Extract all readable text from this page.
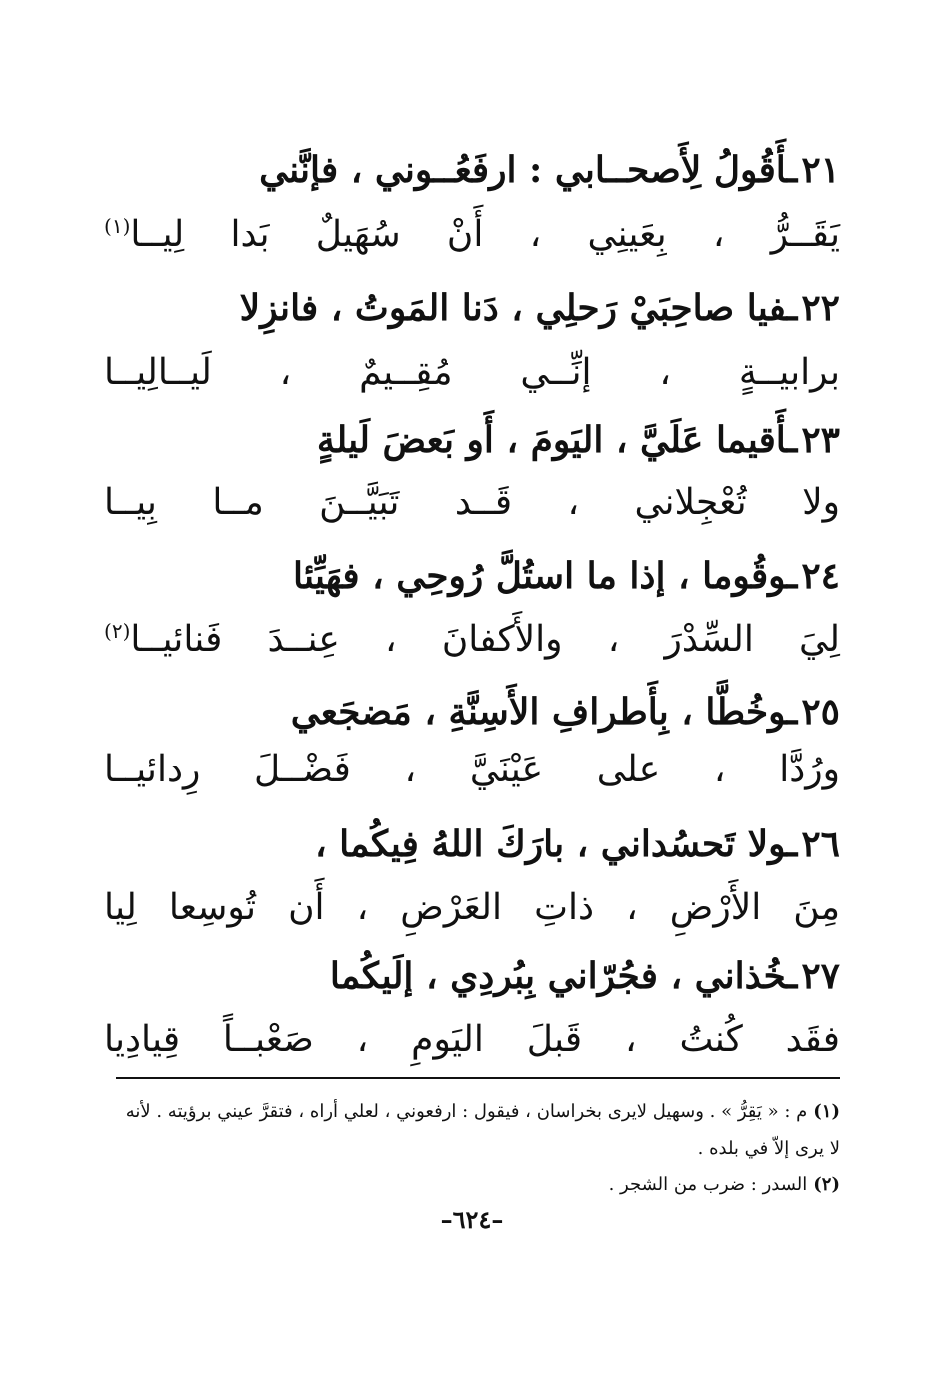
٢١ـأَقُولُ لِأَصحــابي : ارفَعُــوني ، فإنَّني
يَقَــرُّ ، بِعَينِي ، أَنْ سُهَيلٌ بَدا لِيــا$^{(١)}$
٢٢ـفيا صاحِبَيْ رَحلِي ، دَنا المَوتُ ، فانزِلا
برابيــةٍ ، إنِّــي مُقِــيمٌ ، لَيــالِيــا
٢٣ـأَقيما عَلَيَّ ، اليَومَ ، أَو بَعضَ لَيلةٍ
ولا تُعْجِلاني ، قَــد تَبَيَّــنَ مــا بِيــا
٢٤ـوقُوما ، إذا ما استُلَّ رُوحِي ، فهَيِّئا
لِيَ السِّدْرَ ، والأَكفانَ ، عِنــدَ فَنائيــا$^{(٢)}$
٢٥ـوخُطَّا ، بِأَطرافِ الأَسِنَّةِ ، مَضجَعي
ورُدَّا ، على عَيْنَيَّ ، فَضْــلَ رِدائيــا
٢٦ـولا تَحسُداني ، بارَكَ اللهُ فِيكُما ،
مِنَ الأَرْضِ ، ذاتِ العَرْضِ ، أَن تُوسِعا لِيا
٢٧ـخُذاني ، فجُرّاني بِبُردِي ، إلَيكُما
فقَد كُنتُ ، قَبلَ اليَومِ ، صَعْبــاً قِيادِيا
(١)م : « يَقِرُّ » . وسهيل لايرى بخراسان ، فيقول : ارفعوني ، لعلي أراه ، فتقرَّ عيني برؤيته . لأنه
لا يرى إلاّ في بلده .
(٢)السدر : ضرب من الشجر .
–٦٢٤–
